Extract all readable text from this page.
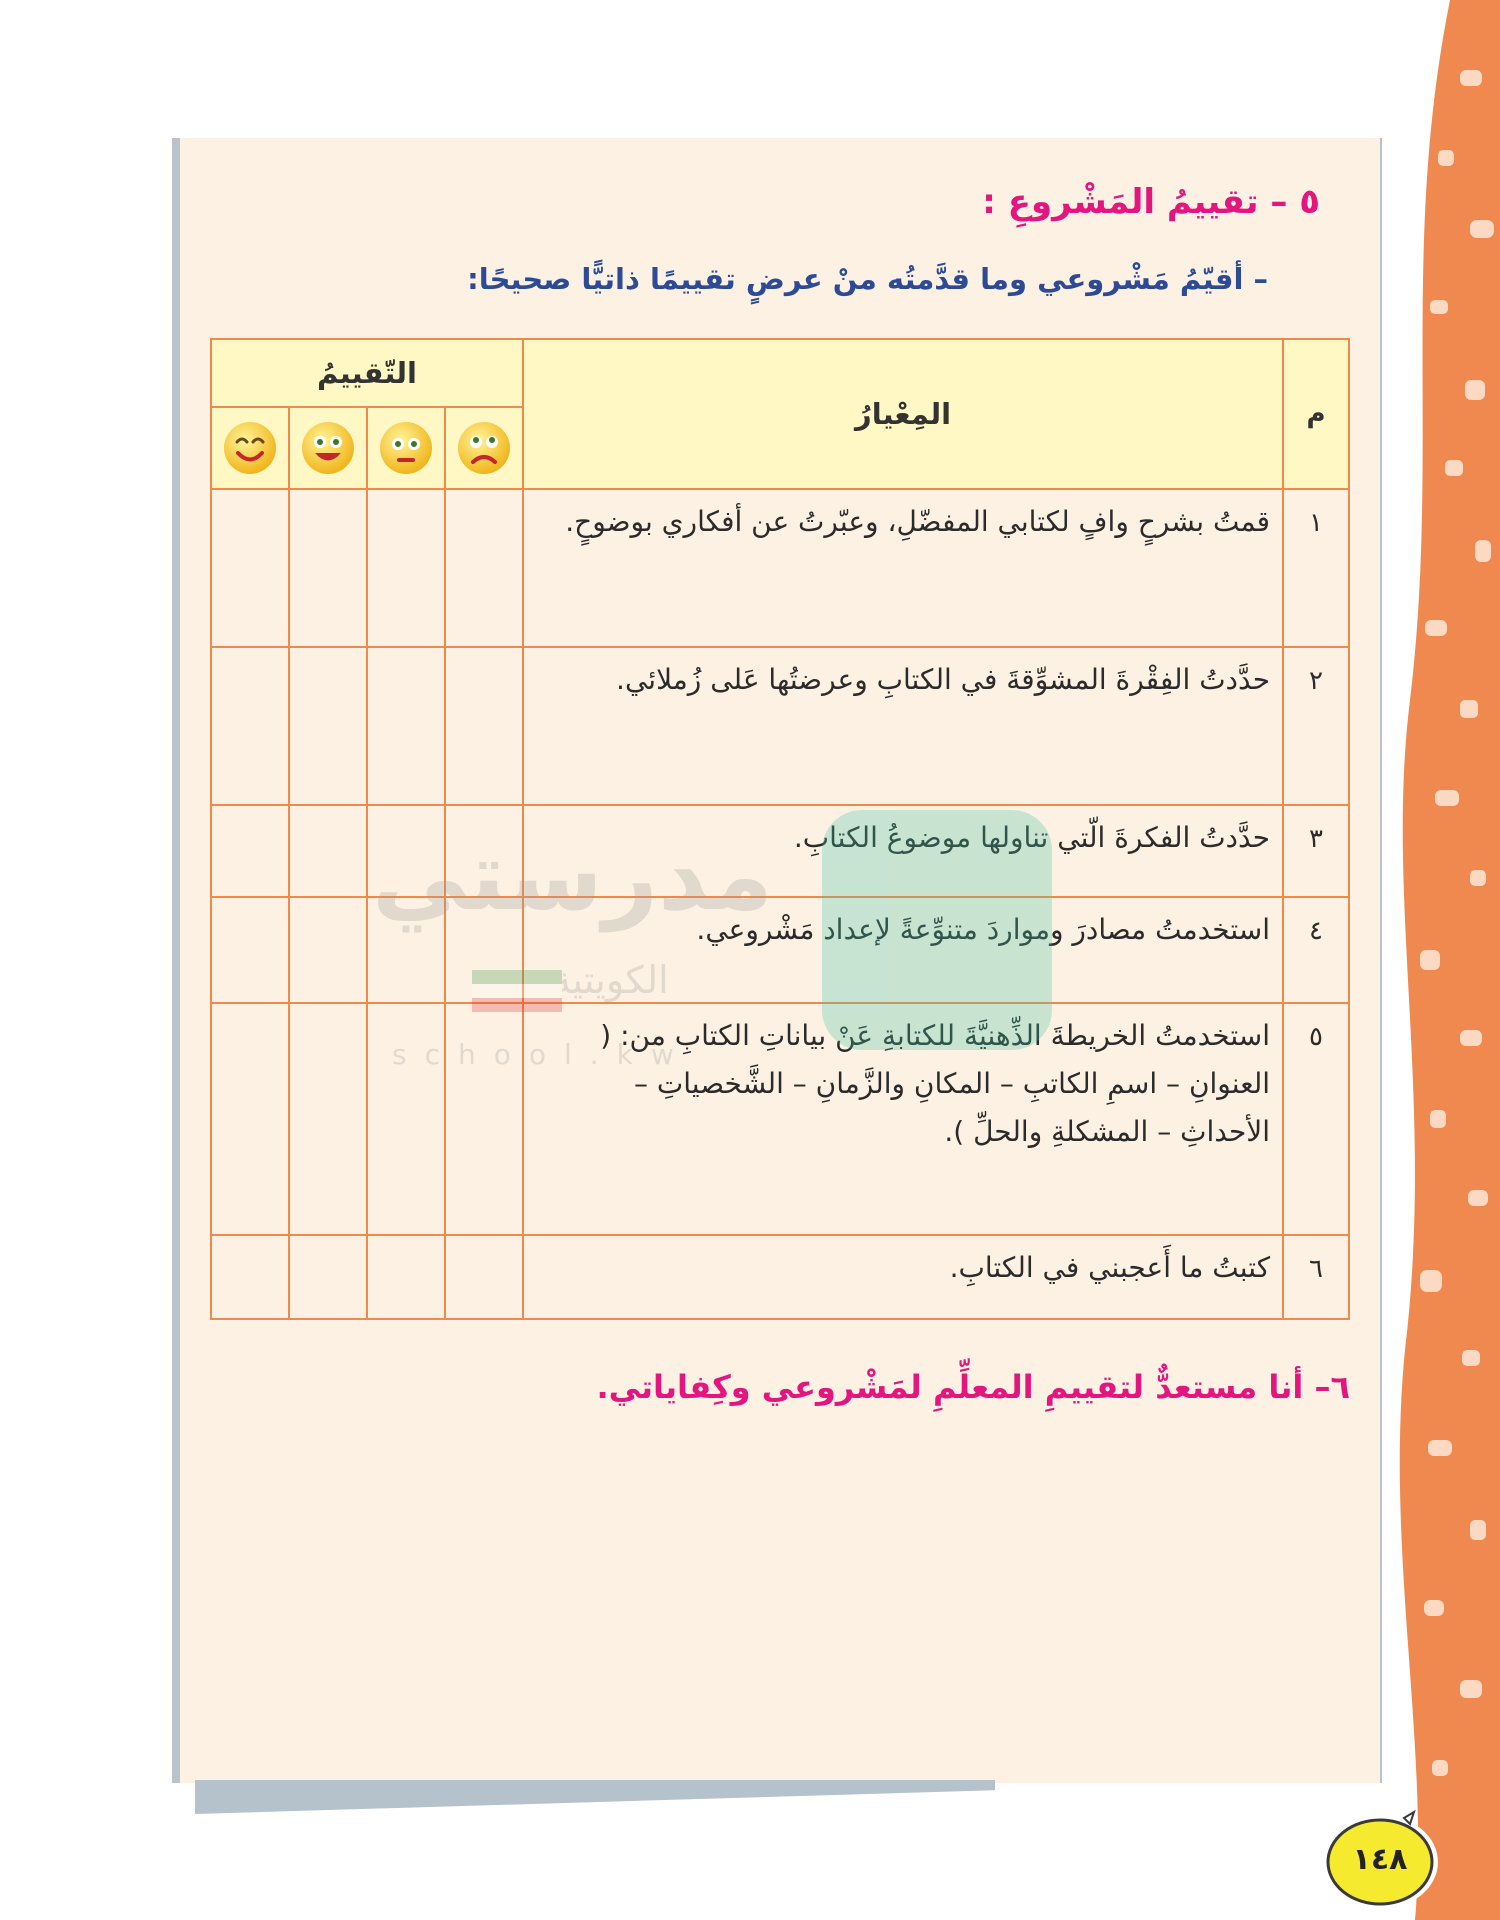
٥ – تقييمُ المَشْروعِ :
– أقيّمُ مَشْروعي وما قدَّمتُه منْ عرضٍ تقييمًا ذاتيًّا صحيحًا:
م	المِعْيارُ	التّقييمُ			

١	قمتُ بشرحٍ وافٍ لكتابي المفضّلِ، وعبّرتُ عن أفكاري بوضوحٍ.				
٢	حدَّدتُ الفِقْرةَ المشوِّقةَ في الكتابِ وعرضتُها عَلى زُملائي.				
٣	حدَّدتُ الفكرةَ الّتي تناولها موضوعُ الكتابِ.				
٤	استخدمتُ مصادرَ ومواردَ متنوِّعةً لإعداد مَشْروعي.				
٥	استخدمتُ الخريطةَ الذِّهنيَّةَ للكتابةِ عَنْ بياناتِ الكتابِ من: ( العنوانِ – اسمِ الكاتبِ – المكانِ والزَّمانِ – الشَّخصياتِ – الأحداثِ – المشكلةِ والحلِّ ).				
٦	كتبتُ ما أَعجبني في الكتابِ.				
مدرستي
الكويتية
school.kw
٦– أنا مستعدٌّ لتقييمِ المعلِّمِ لمَشْروعي وكِفاياتي.
١٤٨
